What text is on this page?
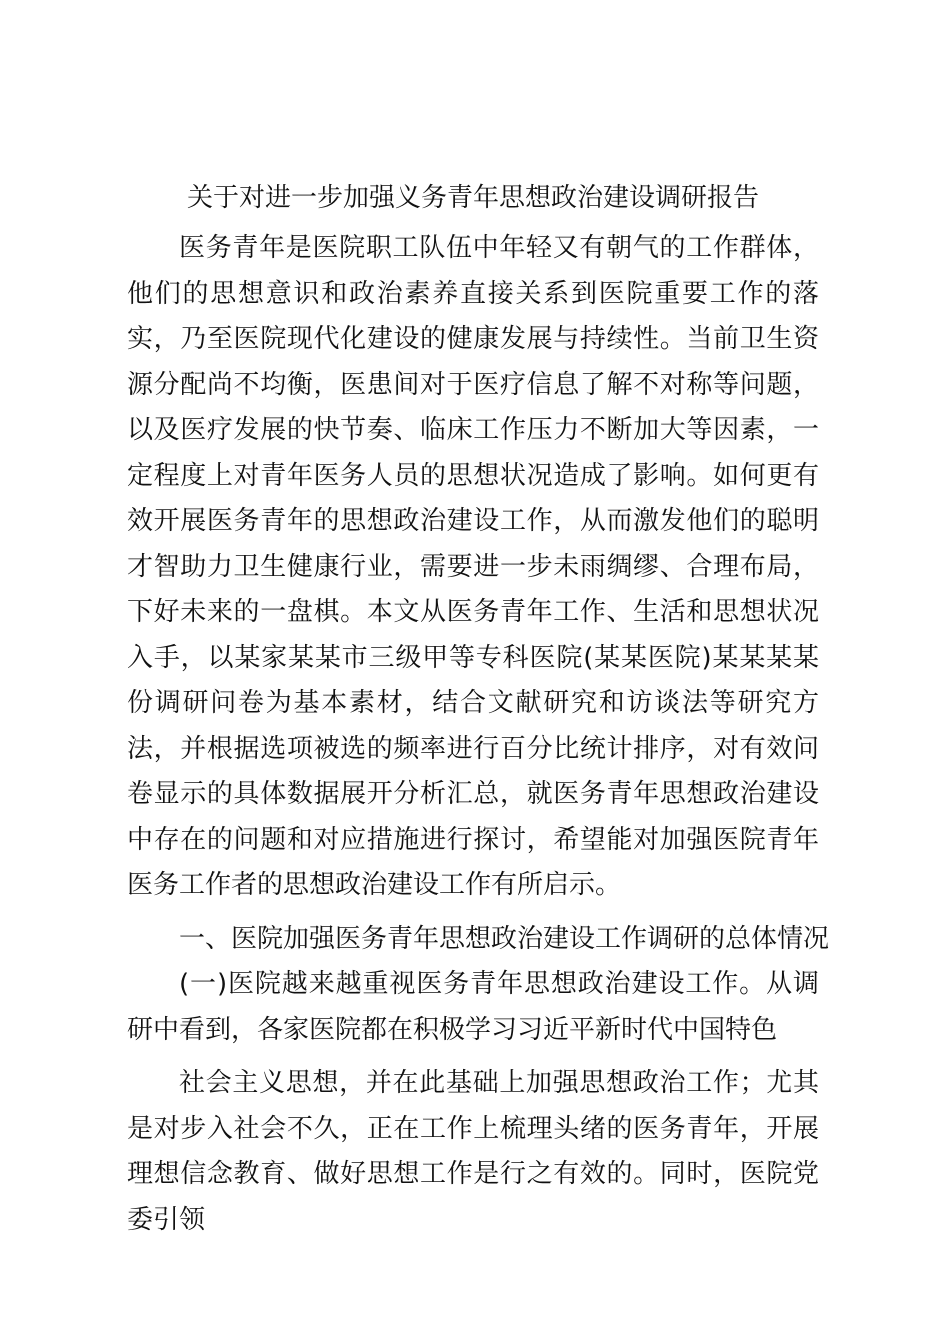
关于对进一步加强义务青年思想政治建设调研报告

医务青年是医院职工队伍中年轻又有朝气的工作群体，他们的思想意识和政治素养直接关系到医院重要工作的落实，乃至医院现代化建设的健康发展与持续性。当前卫生资源分配尚不均衡，医患间对于医疗信息了解不对称等问题，以及医疗发展的快节奏、临床工作压力不断加大等因素，一定程度上对青年医务人员的思想状况造成了影响。如何更有效开展医务青年的思想政治建设工作，从而激发他们的聪明才智助力卫生健康行业，需要进一步未雨绸缪、合理布局，下好未来的一盘棋。本文从医务青年工作、生活和思想状况入手，以某家某某市三级甲等专科医院(某某医院)某某某某份调研问卷为基本素材，结合文献研究和访谈法等研究方法，并根据选项被选的频率进行百分比统计排序，对有效问卷显示的具体数据展开分析汇总，就医务青年思想政治建设中存在的问题和对应措施进行探讨，希望能对加强医院青年医务工作者的思想政治建设工作有所启示。

一、医院加强医务青年思想政治建设工作调研的总体情况

(一)医院越来越重视医务青年思想政治建设工作。从调研中看到，各家医院都在积极学习习近平新时代中国特色

社会主义思想，并在此基础上加强思想政治工作；尤其是对步入社会不久，正在工作上梳理头绪的医务青年，开展理想信念教育、做好思想工作是行之有效的。同时，医院党委引领
